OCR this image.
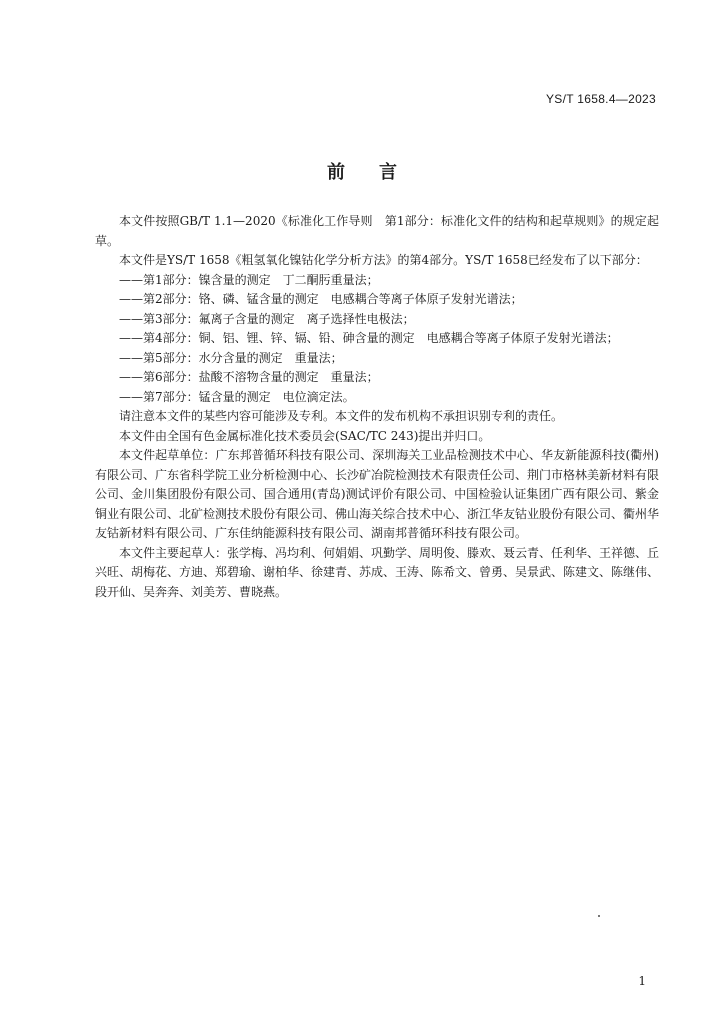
YS/T 1658.4—2023
前言

本文件按照GB/T 1.1—2020《标准化工作导则　第1部分：标准化文件的结构和起草规则》的规定起草。

本文件是YS/T 1658《粗氢氧化镍钴化学分析方法》的第4部分。YS/T 1658已经发布了以下部分：

——第1部分：镍含量的测定　丁二酮肟重量法；

——第2部分：铬、磷、锰含量的测定　电感耦合等离子体原子发射光谱法；

——第3部分：氟离子含量的测定　离子选择性电极法；

——第4部分：铜、铝、锂、锌、镉、铅、砷含量的测定　电感耦合等离子体原子发射光谱法；

——第5部分：水分含量的测定　重量法；

——第6部分：盐酸不溶物含量的测定　重量法；

——第7部分：锰含量的测定　电位滴定法。

请注意本文件的某些内容可能涉及专利。本文件的发布机构不承担识别专利的责任。

本文件由全国有色金属标准化技术委员会(SAC/TC 243)提出并归口。

本文件起草单位：广东邦普循环科技有限公司、深圳海关工业品检测技术中心、华友新能源科技(衢州)有限公司、广东省科学院工业分析检测中心、长沙矿冶院检测技术有限责任公司、荆门市格林美新材料有限公司、金川集团股份有限公司、国合通用(青岛)测试评价有限公司、中国检验认证集团广西有限公司、紫金铜业有限公司、北矿检测技术股份有限公司、佛山海关综合技术中心、浙江华友钴业股份有限公司、衢州华友钴新材料有限公司、广东佳纳能源科技有限公司、湖南邦普循环科技有限公司。

本文件主要起草人：张学梅、冯均利、何娟娟、巩勤学、周明俊、滕欢、聂云青、任利华、王祥德、丘兴旺、胡梅花、方迪、郑碧瑜、谢柏华、徐建青、苏成、王涛、陈希文、曾勇、吴景武、陈建文、陈继伟、段开仙、吴奔奔、刘美芳、曹晓燕。

1
